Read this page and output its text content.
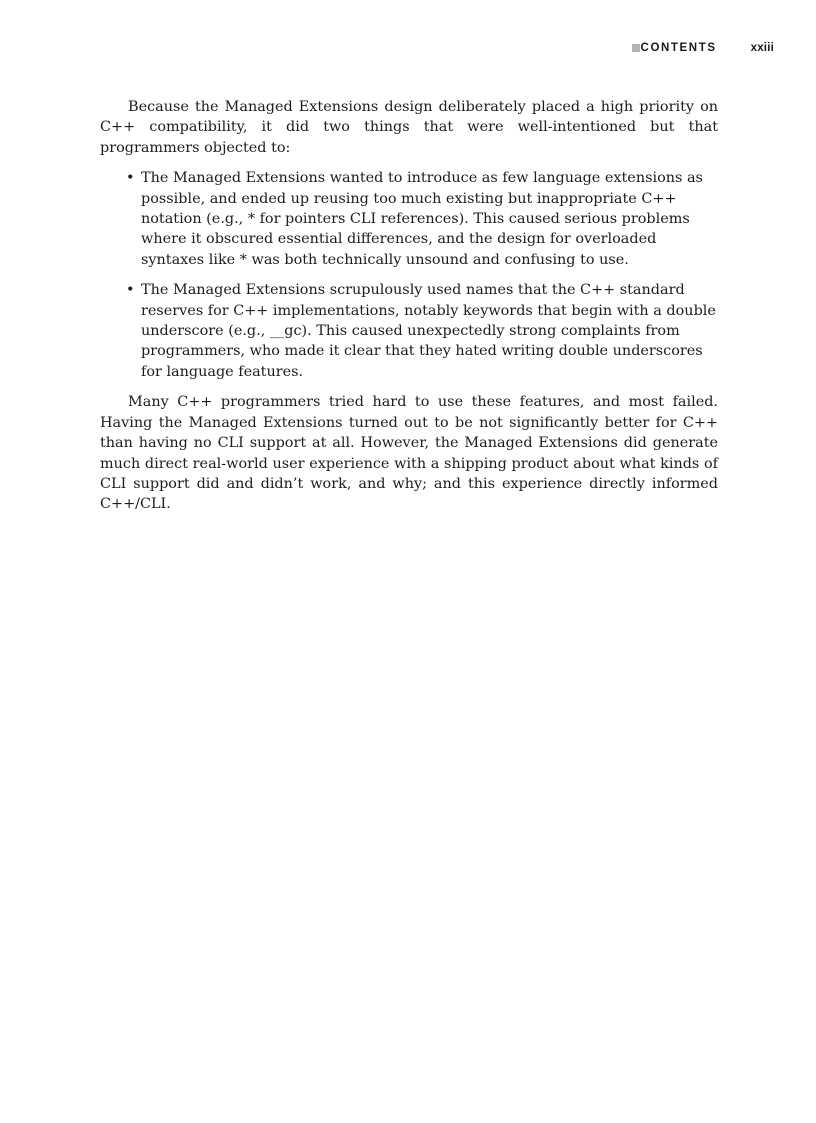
CONTENTS	xxiii

Because the Managed Extensions design deliberately placed a high priority on C++ compatibility, it did two things that were well-intentioned but that programmers objected to:

• The Managed Extensions wanted to introduce as few language extensions as possible, and ended up reusing too much existing but inappropriate C++ notation (e.g., * for pointers CLI references). This caused serious problems where it obscured essential differences, and the design for overloaded syntaxes like * was both technically unsound and confusing to use.
• The Managed Extensions scrupulously used names that the C++ standard reserves for C++ implementations, notably keywords that begin with a double underscore (e.g., __gc). This caused unexpectedly strong complaints from programmers, who made it clear that they hated writing double underscores for language features.

Many C++ programmers tried hard to use these features, and most failed. Having the Managed Extensions turned out to be not significantly better for C++ than having no CLI support at all. However, the Managed Extensions did generate much direct real-world user experience with a shipping product about what kinds of CLI support did and didn’t work, and why; and this experience directly informed C++/CLI.
